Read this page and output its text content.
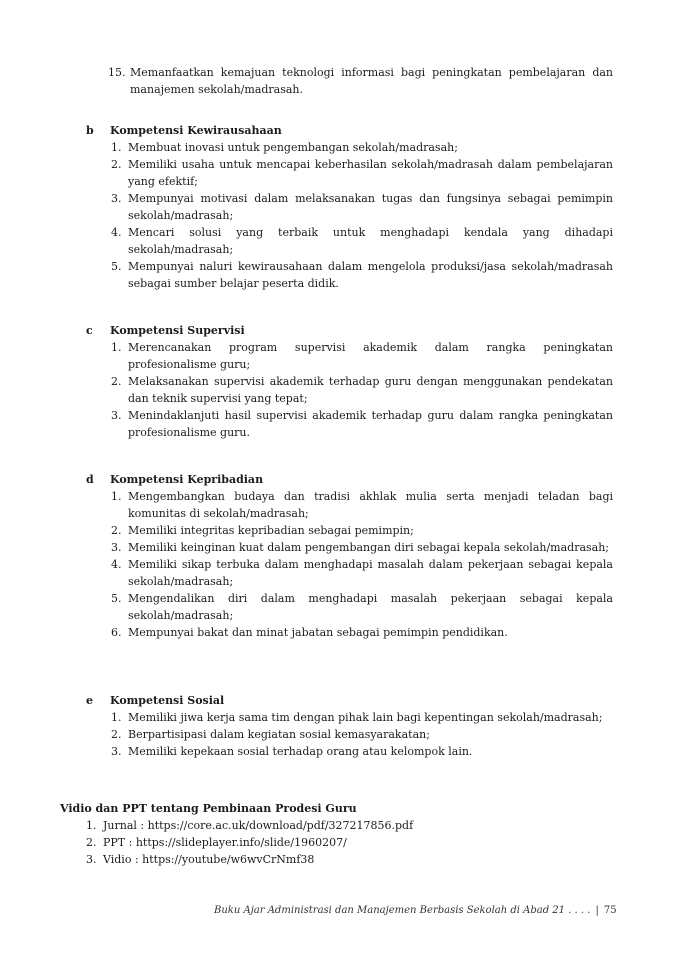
15. Memanfaatkan kemajuan teknologi informasi bagi peningkatan pembelajaran dan manajemen sekolah/madrasah.
b	Kompetensi Kewirausahaan
1. Membuat inovasi untuk pengembangan sekolah/madrasah;
2. Memiliki usaha untuk mencapai keberhasilan sekolah/madrasah dalam pembelajaran yang efektif;
3. Mempunyai motivasi dalam melaksanakan tugas dan fungsinya sebagai pemimpin sekolah/madrasah;
4. Mencari solusi yang terbaik untuk menghadapi kendala yang dihadapi sekolah/madrasah;
5. Mempunyai naluri kewirausahaan dalam mengelola produksi/jasa sekolah/madrasah sebagai sumber belajar peserta didik.
c	Kompetensi Supervisi
1. Merencanakan program supervisi akademik dalam rangka peningkatan profesionalisme guru;
2. Melaksanakan supervisi akademik terhadap guru dengan menggunakan pendekatan dan teknik supervisi yang tepat;
3. Menindaklanjuti hasil supervisi akademik terhadap guru dalam rangka peningkatan profesionalisme guru.
d	Kompetensi Kepribadian
1. Mengembangkan budaya dan tradisi akhlak mulia serta menjadi teladan bagi komunitas di sekolah/madrasah;
2. Memiliki integritas kepribadian sebagai pemimpin;
3. Memiliki keinginan kuat dalam pengembangan diri sebagai kepala sekolah/madrasah;
4. Memiliki sikap terbuka dalam menghadapi masalah dalam pekerjaan sebagai kepala sekolah/madrasah;
5. Mengendalikan diri dalam menghadapi masalah pekerjaan sebagai kepala sekolah/madrasah;
6. Mempunyai bakat dan minat jabatan sebagai pemimpin pendidikan.
e	Kompetensi Sosial
1. Memiliki jiwa kerja sama tim dengan pihak lain bagi kepentingan sekolah/madrasah;
2. Berpartisipasi dalam kegiatan sosial kemasyarakatan;
3. Memiliki kepekaan sosial terhadap orang atau kelompok lain.
Vidio dan PPT tentang Pembinaan Prodesi Guru
1. Jurnal : https://core.ac.uk/download/pdf/327217856.pdf
2. PPT : https://slideplayer.info/slide/1960207/
3. Vidio : https://youtube/w6wvCrNmf38
Buku Ajar Administrasi dan Manajemen Berbasis Sekolah di Abad 21 . . . . | 75
